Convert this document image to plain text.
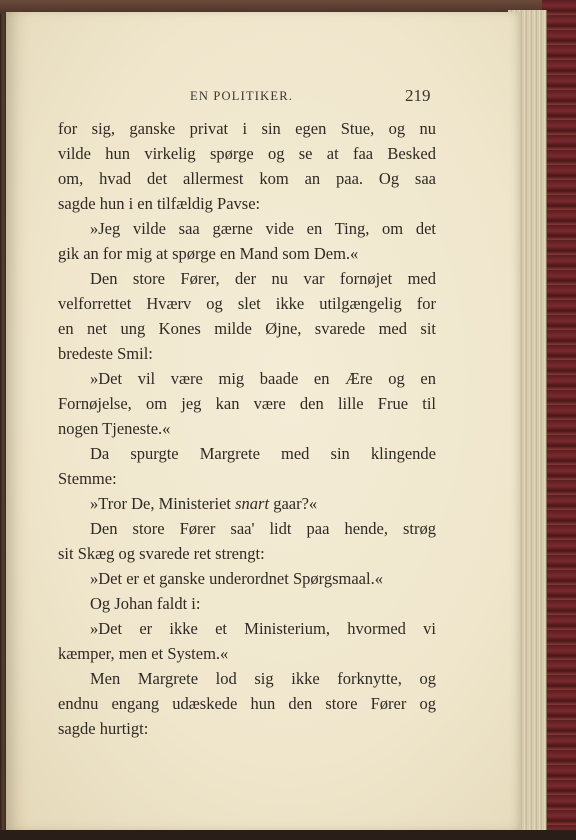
EN POLITIKER.	219
for sig, ganske privat i sin egen Stue, og nu
vilde hun virkelig spørge og se at faa Besked
om, hvad det allermest kom an paa. Og saa
sagde hun i en tilfældig Pavse:
»Jeg vilde saa gærne vide en Ting, om det
gik an for mig at spørge en Mand som Dem.«
Den store Fører, der nu var fornøjet med
velforrettet Hværv og slet ikke utilgængelig for
en net ung Kones milde Øjne, svarede med sit
bredeste Smil:
»Det vil være mig baade en Ære og en
Fornøjelse, om jeg kan være den lille Frue til
nogen Tjeneste.«
Da spurgte Margrete med sin klingende
Stemme:
»Tror De, Ministeriet snart gaar?«
Den store Fører saa' lidt paa hende, strøg
sit Skæg og svarede ret strengt:
»Det er et ganske underordnet Spørgsmaal.«
Og Johan faldt i:
»Det er ikke et Ministerium, hvormed vi
kæmper, men et System.«
Men Margrete lod sig ikke forknytte, og
endnu engang udæskede hun den store Fører og
sagde hurtigt:
